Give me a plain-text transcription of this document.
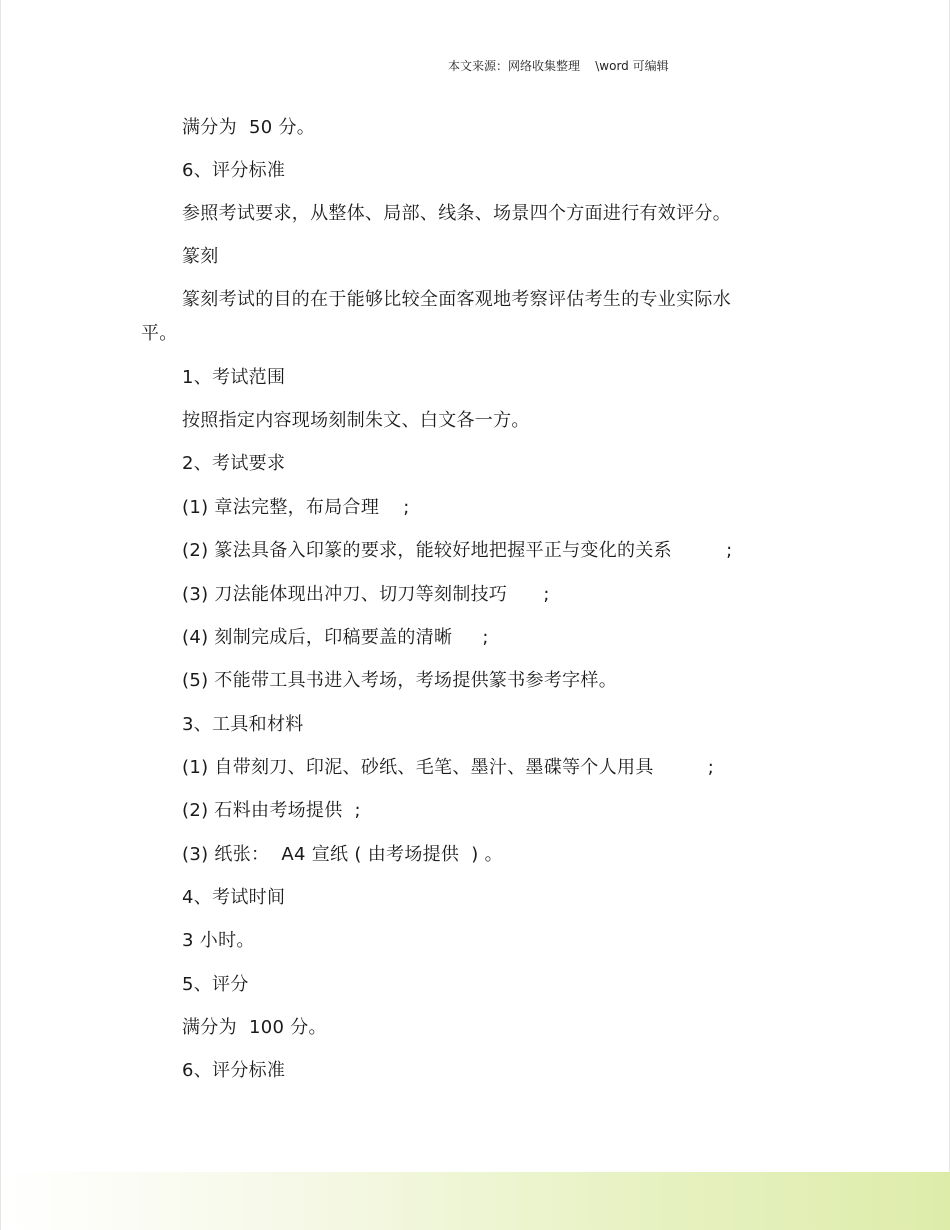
本文来源：网络收集整理    \word 可编辑
满分为  50 分。
6、评分标准
参照考试要求，从整体、局部、线条、场景四个方面进行有效评分。
篆刻
篆刻考试的目的在于能够比较全面客观地考察评估考生的专业实际水
平。
1、考试范围
按照指定内容现场刻制朱文、白文各一方。
2、考试要求
(1) 章法完整，布局合理    ;
(2) 篆法具备入印篆的要求，能较好地把握平正与变化的关系         ;
(3) 刀法能体现出冲刀、切刀等刻制技巧      ;
(4) 刻制完成后，印稿要盖的清晰     ;
(5) 不能带工具书进入考场，考场提供篆书参考字样。
3、工具和材料
(1) 自带刻刀、印泥、砂纸、毛笔、墨汁、墨碟等个人用具         ;
(2) 石料由考场提供  ;
(3) 纸张：  A4 宣纸 ( 由考场提供  ) 。
4、考试时间
3 小时。
5、评分
满分为  100 分。
6、评分标准
